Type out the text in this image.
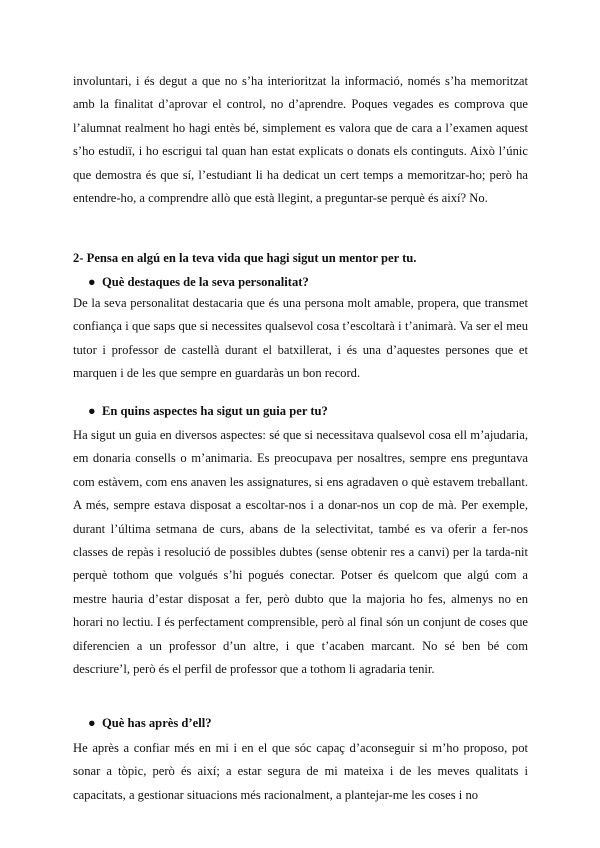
involuntari, i és degut a que no s’ha interioritzat la informació, només s’ha memoritzat amb la finalitat d’aprovar el control, no d’aprendre. Poques vegades es comprova que l’alumnat realment ho hagi entès bé, simplement es valora que de cara a l’examen aquest s’ho estudiï, i ho escrigui tal quan han estat explicats o donats els continguts. Això l’únic que demostra és que sí, l’estudiant li ha dedicat un cert temps a memoritzar-ho; però ha entendre-ho, a comprendre allò que està llegint, a preguntar-se perquè és així? No.

2- Pensa en algú en la teva vida que hagi sigut un mentor per tu.

● Què destaques de la seva personalitat?

De la seva personalitat destacaria que és una persona molt amable, propera, que transmet confiança i que saps que si necessites qualsevol cosa t’escoltarà i t’animarà. Va ser el meu tutor i professor de castellà durant el batxillerat, i és una d’aquestes persones que et marquen i de les que sempre en guardaràs un bon record.

● En quins aspectes ha sigut un guia per tu?

Ha sigut un guia en diversos aspectes: sé que si necessitava qualsevol cosa ell m’ajudaria, em donaria consells o m’animaria. Es preocupava per nosaltres, sempre ens preguntava com estàvem, com ens anaven les assignatures, si ens agradaven o què estavem treballant. A més, sempre estava disposat a escoltar-nos i a donar-nos un cop de mà. Per exemple, durant l’última setmana de curs, abans de la selectivitat, també es va oferir a fer-nos classes de repàs i resolució de possibles dubtes (sense obtenir res a canvi) per la tarda-nit perquè tothom que volgués s’hi pogués conectar. Potser és quelcom que algú com a mestre hauria d’estar disposat a fer, però dubto que la majoria ho fes, almenys no en horari no lectiu. I és perfectament comprensible, però al final són un conjunt de coses que diferencien a un professor d’un altre, i que t’acaben marcant. No sé ben bé com descriure’l, però és el perfil de professor que a tothom li agradaria tenir.

● Què has après d’ell?

He après a confiar més en mi i en el que sóc capaç d’aconseguir si m’ho proposo, pot sonar a tòpic, però és així; a estar segura de mi mateixa i de les meves qualitats i capacitats, a gestionar situacions més racionalment, a plantejar-me les coses i no
